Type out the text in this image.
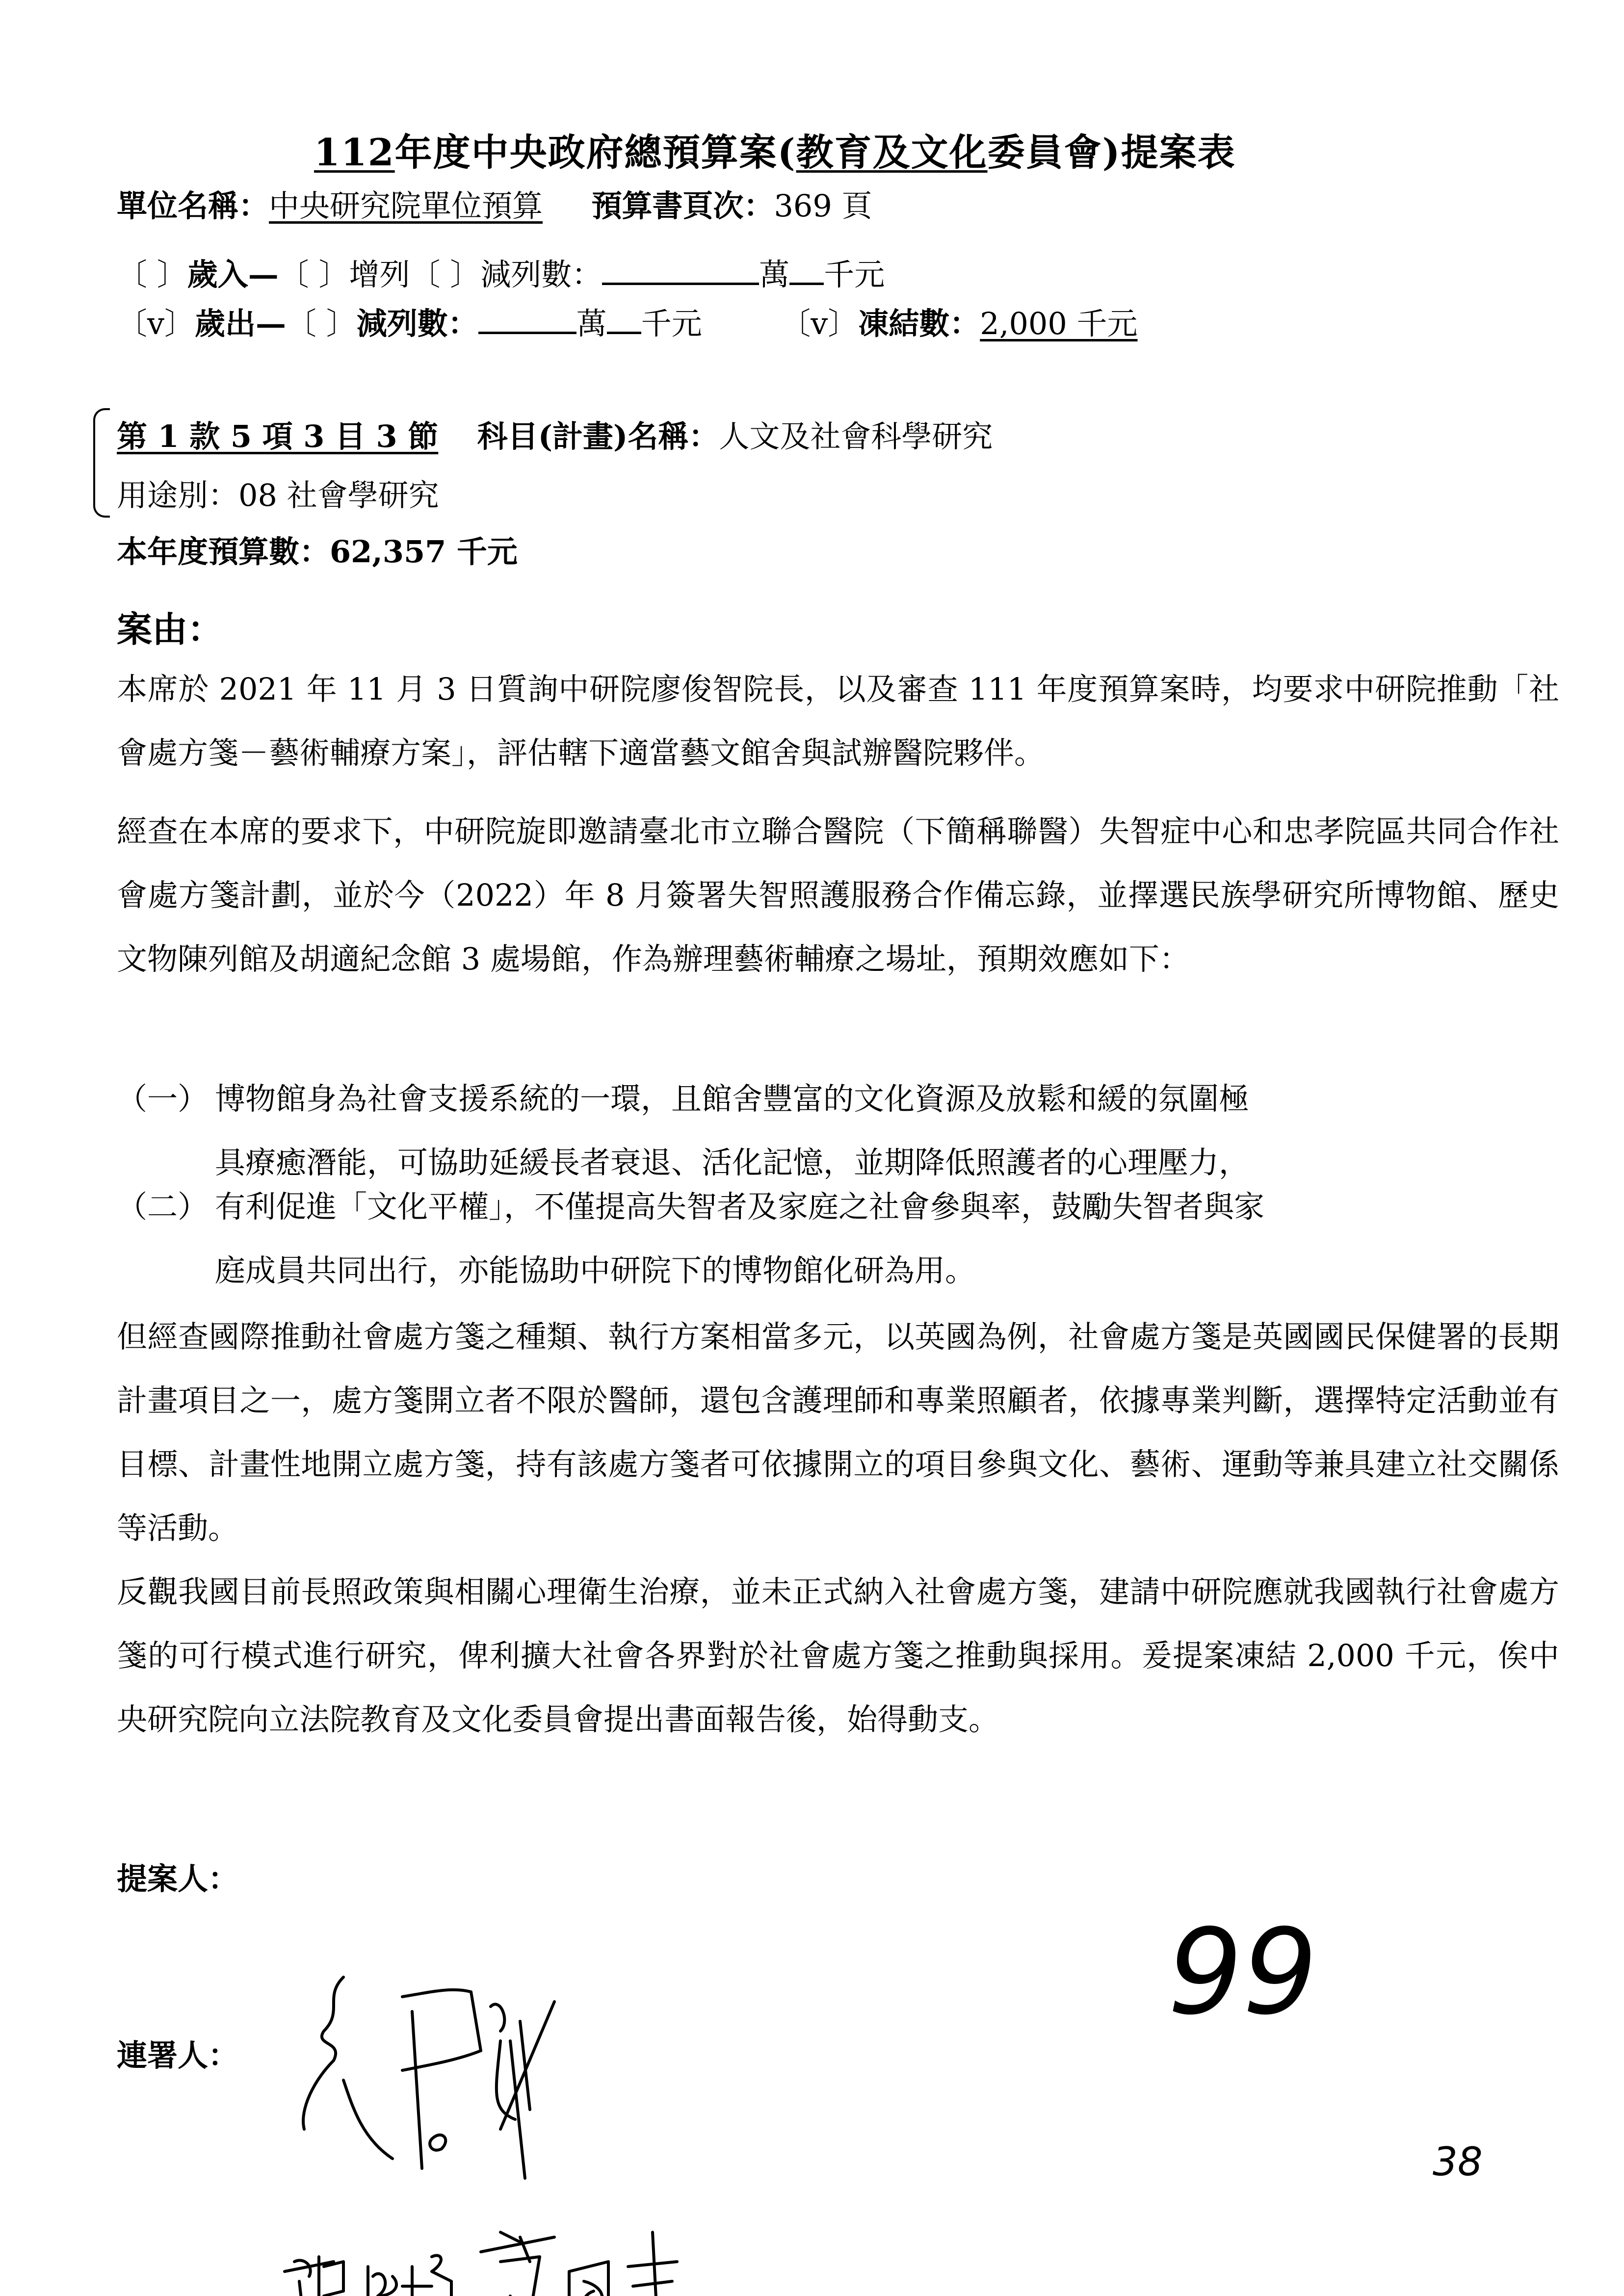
112年度中央政府總預算案(教育及文化委員會)提案表
單位名稱：中央研究院單位預算 預算書頁次：369 頁
〔 〕歲入—〔 〕增列〔 〕減列數：	萬 千元
〔v〕歲出—〔 〕減列數：	萬 千元	〔v〕凍結數：2,000 千元
第 1 款 5 項 3 目 3 節 科目(計畫)名稱：人文及社會科學研究
用途別：08 社會學研究
本年度預算數：62,357 千元
案由：
本席於 2021 年 11 月 3 日質詢中研院廖俊智院長，以及審查 111 年度預算案時，均要求中研院推動「社會處方箋－藝術輔療方案」，評估轄下適當藝文館舍與試辦醫院夥伴。
經查在本席的要求下，中研院旋即邀請臺北市立聯合醫院（下簡稱聯醫）失智症中心和忠孝院區共同合作社會處方箋計劃，並於今（2022）年 8 月簽署失智照護服務合作備忘錄，並擇選民族學研究所博物館、歷史文物陳列館及胡適紀念館 3 處場館，作為辦理藝術輔療之場址，預期效應如下：
（一） 博物館身為社會支援系統的一環，且館舍豐富的文化資源及放鬆和緩的氛圍極
具療癒潛能，可協助延緩長者衰退、活化記憶，並期降低照護者的心理壓力，
（二） 有利促進「文化平權」，不僅提高失智者及家庭之社會參與率，鼓勵失智者與家
庭成員共同出行，亦能協助中研院下的博物館化研為用。
但經查國際推動社會處方箋之種類、執行方案相當多元，以英國為例，社會處方箋是英國國民保健署的長期計畫項目之一，處方箋開立者不限於醫師，還包含護理師和專業照顧者，依據專業判斷，選擇特定活動並有目標、計畫性地開立處方箋，持有該處方箋者可依據開立的項目參與文化、藝術、運動等兼具建立社交關係等活動。
反觀我國目前長照政策與相關心理衛生治療，並未正式納入社會處方箋，建請中研院應就我國執行社會處方箋的可行模式進行研究，俾利擴大社會各界對於社會處方箋之推動與採用。爰提案凍結 2,000 千元，俟中央研究院向立法院教育及文化委員會提出書面報告後，始得動支。
提案人：
連署人：
99
38
